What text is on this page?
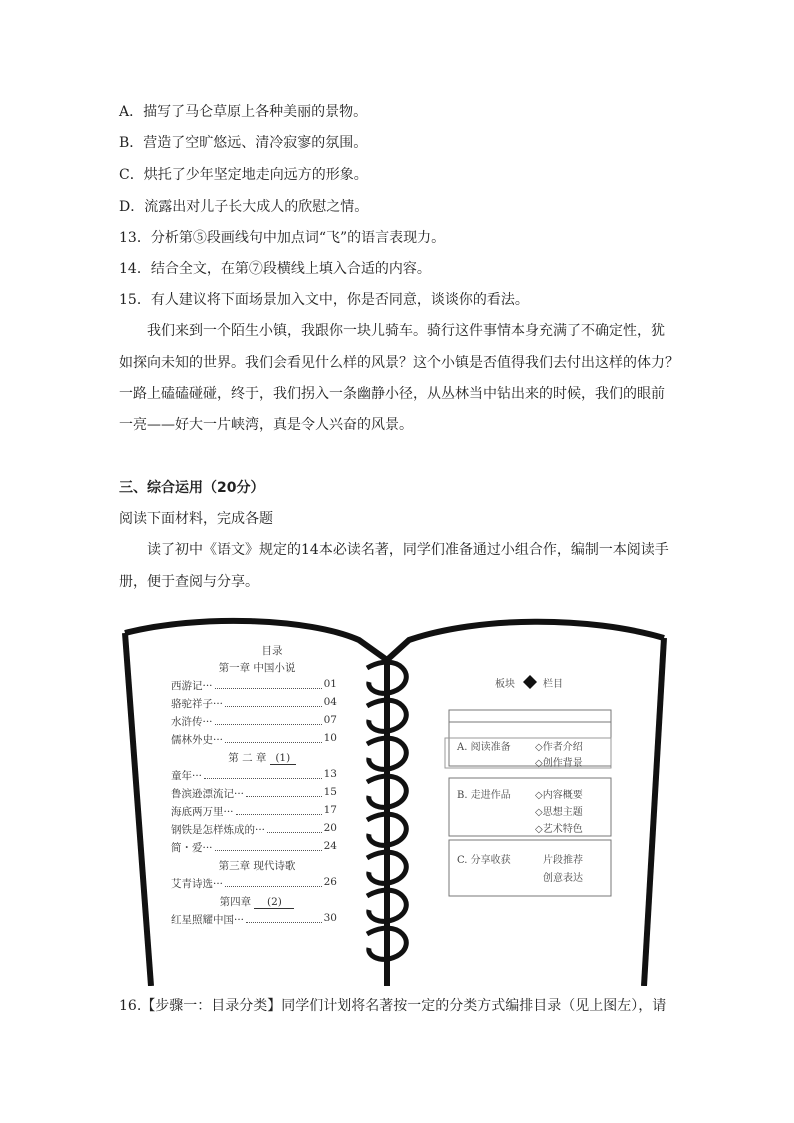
A．描写了马仑草原上各种美丽的景物。
B．营造了空旷悠远、清冷寂寥的氛围。
C．烘托了少年坚定地走向远方的形象。
D．流露出对儿子长大成人的欣慰之情。
13．分析第⑤段画线句中加点词“飞”的语言表现力。
14．结合全文，在第⑦段横线上填入合适的内容。
15．有人建议将下面场景加入文中，你是否同意，谈谈你的看法。
我们来到一个陌生小镇，我跟你一块儿骑车。骑行这件事情本身充满了不确定性，犹
如探向未知的世界。我们会看见什么样的风景？这个小镇是否值得我们去付出这样的体力？
一路上磕磕碰碰，终于，我们拐入一条幽静小径，从丛林当中钻出来的时候，我们的眼前
一亮——好大一片峡湾，真是令人兴奋的风景。
三、综合运用（20分）
阅读下面材料，完成各题
读了初中《语文》规定的14本必读名著，同学们准备通过小组合作，编制一本阅读手
册，便于查阅与分享。
目录
第一章 中国小说
西游记···	01
骆驼祥子···	04
水浒传···	07
儒林外史···	10
第 二 章 (1)
童年···	13
鲁滨逊漂流记···	15
海底两万里···	17
钢铁是怎样炼成的···	20
简・爱···	24
第三章 现代诗歌
艾青诗选···	26
第四章 (2)
红星照耀中国···	30
板块	栏目
A. 阅读准备 ◇作者介绍
◇创作背景
B. 走进作品 ◇内容概要
◇思想主题
◇艺术特色
C. 分享收获	片段推荐
创意表达
16.【步骤一：目录分类】同学们计划将名著按一定的分类方式编排目录（见上图左），请
